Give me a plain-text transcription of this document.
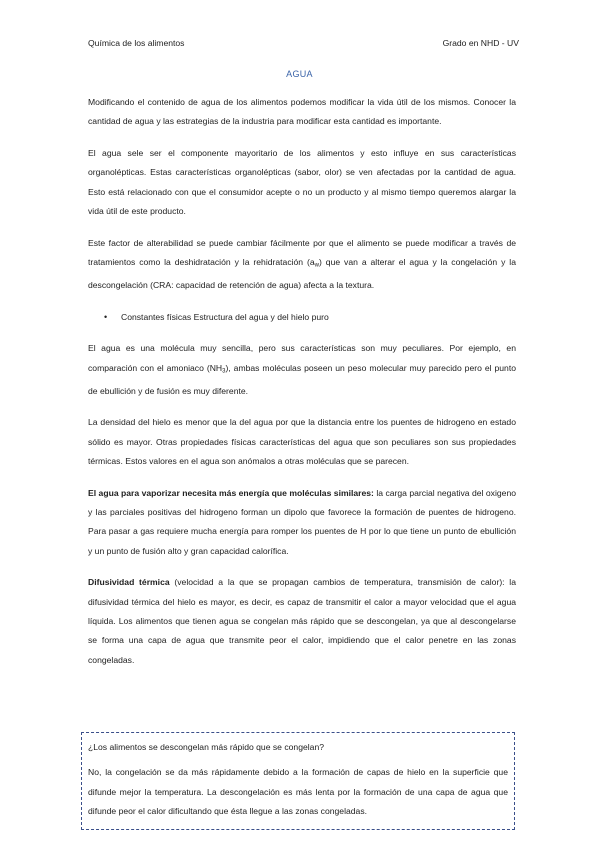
Química de los alimentos	Grado en NHD - UV
AGUA

Modificando el contenido de agua de los alimentos podemos modificar la vida útil de los mismos. Conocer la cantidad de agua y las estrategias de la industria para modificar esta cantidad es importante.

El agua sele ser el componente mayoritario de los alimentos y esto influye en sus características organolépticas. Estas características organolépticas (sabor, olor) se ven afectadas por la cantidad de agua. Esto está relacionado con que el consumidor acepte o no un producto y al mismo tiempo queremos alargar la vida útil de este producto.

Este factor de alterabilidad se puede cambiar fácilmente por que el alimento se puede modificar a través de tratamientos como la deshidratación y la rehidratación $(a_w)$ que van a alterar el agua y la congelación y la descongelación (CRA: capacidad de retención de agua) afecta a la textura.

• Constantes físicas Estructura del agua y del hielo puro

El agua es una molécula muy sencilla, pero sus características son muy peculiares. Por ejemplo, en comparación con el amoniaco $(NH_3)$, ambas moléculas poseen un peso molecular muy parecido pero el punto de ebullición y de fusión es muy diferente.

La densidad del hielo es menor que la del agua por que la distancia entre los puentes de hidrogeno en estado sólido es mayor. Otras propiedades físicas características del agua que son peculiares son sus propiedades térmicas. Estos valores en el agua son anómalos a otras moléculas que se parecen.

El agua para vaporizar necesita más energía que moléculas similares: la carga parcial negativa del oxigeno y las parciales positivas del hidrogeno forman un dipolo que favorece la formación de puentes de hidrogeno. Para pasar a gas requiere mucha energía para romper los puentes de H por lo que tiene un punto de ebullición y un punto de fusión alto y gran capacidad calorífica.

Difusividad térmica (velocidad a la que se propagan cambios de temperatura, transmisión de calor): la difusividad térmica del hielo es mayor, es decir, es capaz de transmitir el calor a mayor velocidad que el agua líquida. Los alimentos que tienen agua se congelan más rápido que se descongelan, ya que al descongelarse se forma una capa de agua que transmite peor el calor, impidiendo que el calor penetre en las zonas congeladas.

¿Los alimentos se descongelan más rápido que se congelan?

No, la congelación se da más rápidamente debido a la formación de capas de hielo en la superficie que difunde mejor la temperatura. La descongelación es más lenta por la formación de una capa de agua que difunde peor el calor dificultando que ésta llegue a las zonas congeladas.
